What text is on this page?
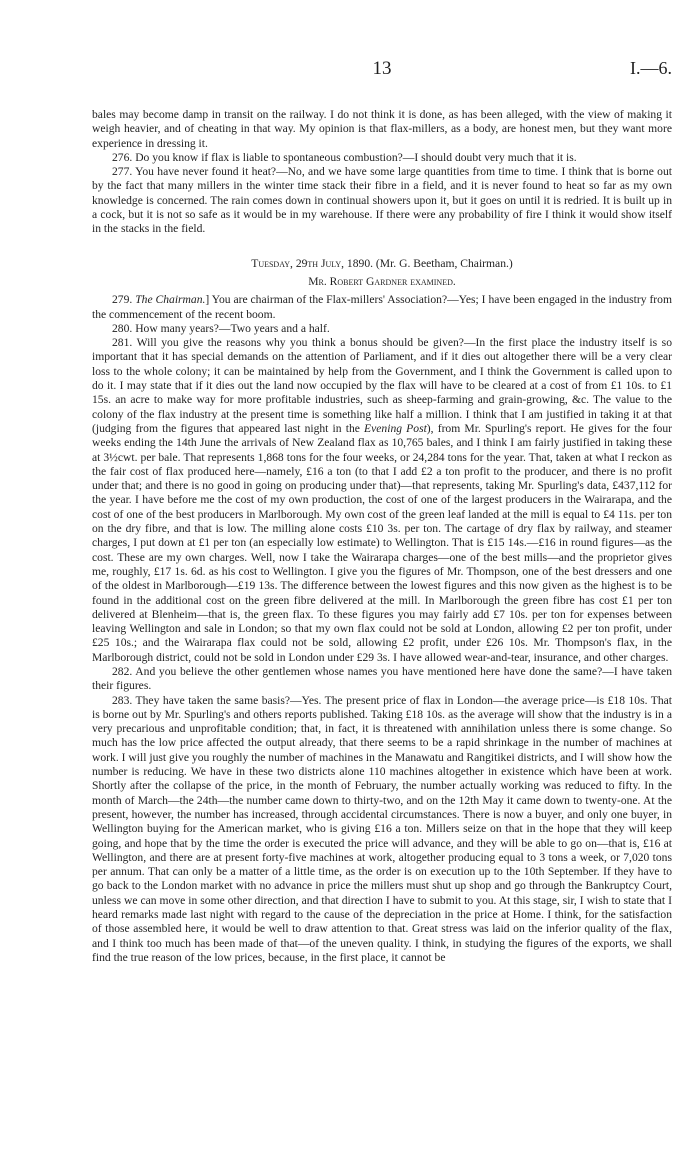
13	I.—6.

bales may become damp in transit on the railway. I do not think it is done, as has been alleged, with the view of making it weigh heavier, and of cheating in that way. My opinion is that flax-millers, as a body, are honest men, but they want more experience in dressing it.

276. Do you know if flax is liable to spontaneous combustion?—I should doubt very much that it is.

277. You have never found it heat?—No, and we have some large quantities from time to time. I think that is borne out by the fact that many millers in the winter time stack their fibre in a field, and it is never found to heat so far as my own knowledge is concerned. The rain comes down in continual showers upon it, but it goes on until it is redried. It is built up in a cock, but it is not so safe as it would be in my warehouse. If there were any probability of fire I think it would show itself in the stacks in the field.

Tuesday, 29th July, 1890. (Mr. G. Beetham, Chairman.)
Mr. Robert Gardner examined.

279. The Chairman.] You are chairman of the Flax-millers' Association?—Yes; I have been engaged in the industry from the commencement of the recent boom.

280. How many years?—Two years and a half.

281. Will you give the reasons why you think a bonus should be given?—In the first place the industry itself is so important that it has special demands on the attention of Parliament, and if it dies out altogether there will be a very clear loss to the whole colony; it can be maintained by help from the Government, and I think the Government is called upon to do it. I may state that if it dies out the land now occupied by the flax will have to be cleared at a cost of from £1 10s. to £1 15s. an acre to make way for more profitable industries, such as sheep-farming and grain-growing, &c. The value to the colony of the flax industry at the present time is something like half a million. I think that I am justified in taking it at that (judging from the figures that appeared last night in the Evening Post), from Mr. Spurling's report. He gives for the four weeks ending the 14th June the arrivals of New Zealand flax as 10,765 bales, and I think I am fairly justified in taking these at 3½cwt. per bale. That represents 1,868 tons for the four weeks, or 24,284 tons for the year. That, taken at what I reckon as the fair cost of flax produced here—namely, £16 a ton (to that I add £2 a ton profit to the producer, and there is no profit under that; and there is no good in going on producing under that)—that represents, taking Mr. Spurling's data, £437,112 for the year. I have before me the cost of my own production, the cost of one of the largest producers in the Wairarapa, and the cost of one of the best producers in Marlborough. My own cost of the green leaf landed at the mill is equal to £4 11s. per ton on the dry fibre, and that is low. The milling alone costs £10 3s. per ton. The cartage of dry flax by railway, and steamer charges, I put down at £1 per ton (an especially low estimate) to Wellington. That is £15 14s.—£16 in round figures—as the cost. These are my own charges. Well, now I take the Wairarapa charges—one of the best mills—and the proprietor gives me, roughly, £17 1s. 6d. as his cost to Wellington. I give you the figures of Mr. Thompson, one of the best dressers and one of the oldest in Marlborough—£19 13s. The difference between the lowest figures and this now given as the highest is to be found in the additional cost on the green fibre delivered at the mill. In Marlborough the green fibre has cost £1 per ton delivered at Blenheim—that is, the green flax. To these figures you may fairly add £7 10s. per ton for expenses between leaving Wellington and sale in London; so that my own flax could not be sold at London, allowing £2 per ton profit, under £25 10s.; and the Wairarapa flax could not be sold, allowing £2 profit, under £26 10s. Mr. Thompson's flax, in the Marlborough district, could not be sold in London under £29 3s. I have allowed wear-and-tear, insurance, and other charges.

282. And you believe the other gentlemen whose names you have mentioned here have done the same?—I have taken their figures.

283. They have taken the same basis?—Yes. The present price of flax in London—the average price—is £18 10s. That is borne out by Mr. Spurling's and others reports published. Taking £18 10s. as the average will show that the industry is in a very precarious and unprofitable condition; that, in fact, it is threatened with annihilation unless there is some change. So much has the low price affected the output already, that there seems to be a rapid shrinkage in the number of machines at work. I will just give you roughly the number of machines in the Manawatu and Rangitikei districts, and I will show how the number is reducing. We have in these two districts alone 110 machines altogether in existence which have been at work. Shortly after the collapse of the price, in the month of February, the number actually working was reduced to fifty. In the month of March—the 24th—the number came down to thirty-two, and on the 12th May it came down to twenty-one. At the present, however, the number has increased, through accidental circumstances. There is now a buyer, and only one buyer, in Wellington buying for the American market, who is giving £16 a ton. Millers seize on that in the hope that they will keep going, and hope that by the time the order is executed the price will advance, and they will be able to go on—that is, £16 at Wellington, and there are at present forty-five machines at work, altogether producing equal to 3 tons a week, or 7,020 tons per annum. That can only be a matter of a little time, as the order is on execution up to the 10th September. If they have to go back to the London market with no advance in price the millers must shut up shop and go through the Bankruptcy Court, unless we can move in some other direction, and that direction I have to submit to you. At this stage, sir, I wish to state that I heard remarks made last night with regard to the cause of the depreciation in the price at Home. I think, for the satisfaction of those assembled here, it would be well to draw attention to that. Great stress was laid on the inferior quality of the flax, and I think too much has been made of that—of the uneven quality. I think, in studying the figures of the exports, we shall find the true reason of the low prices, because, in the first place, it cannot be
